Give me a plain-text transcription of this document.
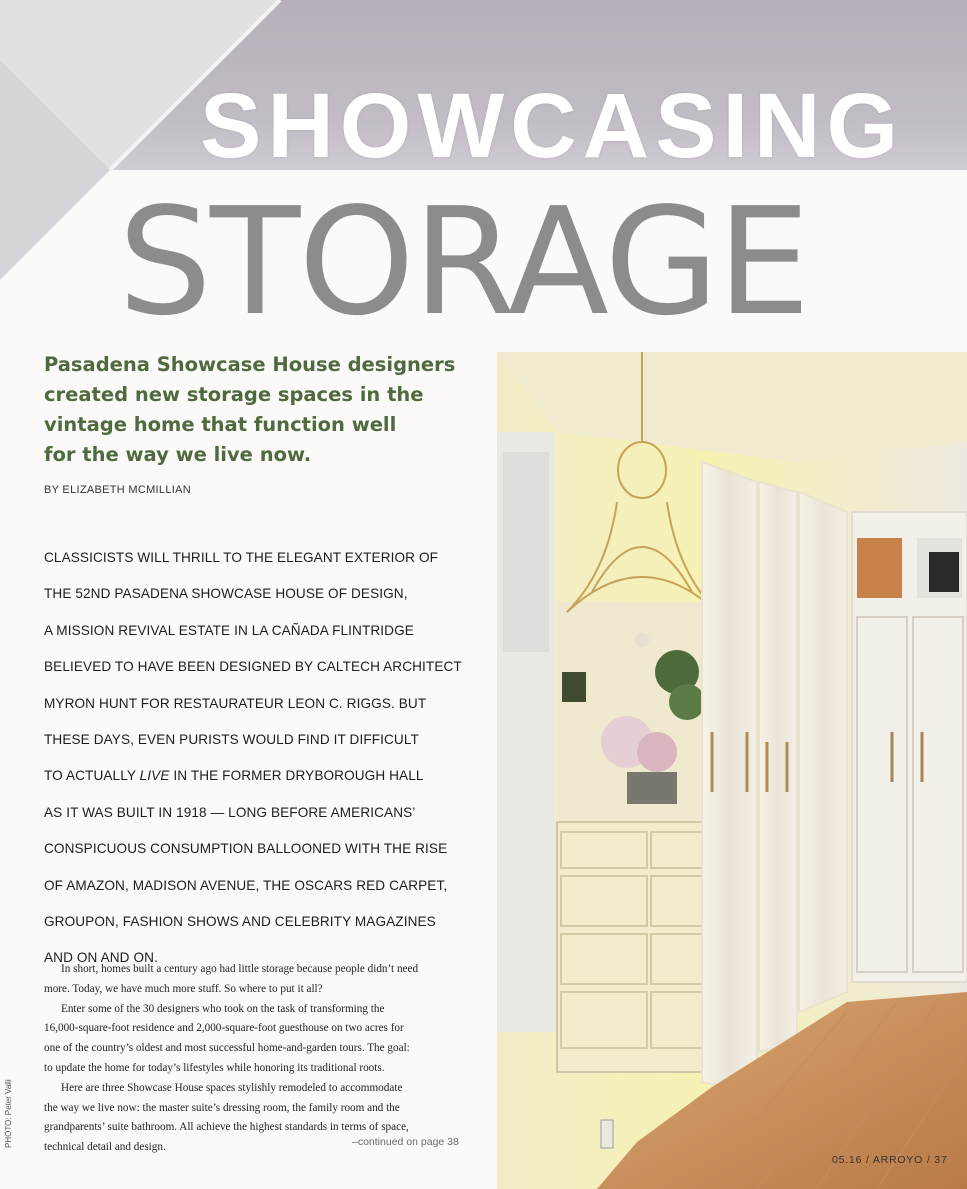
SHOWCASING
STORAGE

Pasadena Showcase House designers
created new storage spaces in the
vintage home that function well
for the way we live now.

BY ELIZABETH MCMILLIAN

CLASSICISTS WILL THRILL TO THE ELEGANT EXTERIOR OF
THE 52ND PASADENA SHOWCASE HOUSE OF DESIGN,
A MISSION REVIVAL ESTATE IN LA CAÑADA FLINTRIDGE
BELIEVED TO HAVE BEEN DESIGNED BY CALTECH ARCHITECT
MYRON HUNT FOR RESTAURATEUR LEON C. RIGGS. BUT
THESE DAYS, EVEN PURISTS WOULD FIND IT DIFFICULT
TO ACTUALLY LIVE IN THE FORMER DRYBOROUGH HALL
AS IT WAS BUILT IN 1918 — LONG BEFORE AMERICANS’
CONSPICUOUS CONSUMPTION BALLOONED WITH THE RISE
OF AMAZON, MADISON AVENUE, THE OSCARS RED CARPET,
GROUPON, FASHION SHOWS AND CELEBRITY MAGAZINES
AND ON AND ON.

In short, homes built a century ago had little storage because people didn’t need
more. Today, we have much more stuff. So where to put it all?
Enter some of the 30 designers who took on the task of transforming the
16,000-square-foot residence and 2,000-square-foot guesthouse on two acres for
one of the country’s oldest and most successful home-and-garden tours. The goal:
to update the home for today’s lifestyles while honoring its traditional roots.
Here are three Showcase House spaces stylishly remodeled to accommodate
the way we live now: the master suite’s dressing room, the family room and the
grandparents’ suite bathroom. All achieve the highest standards in terms of space,
technical detail and design.	–continued on page 38
05.16 / ARROYO / 37
PHOTO: Peter Valli
